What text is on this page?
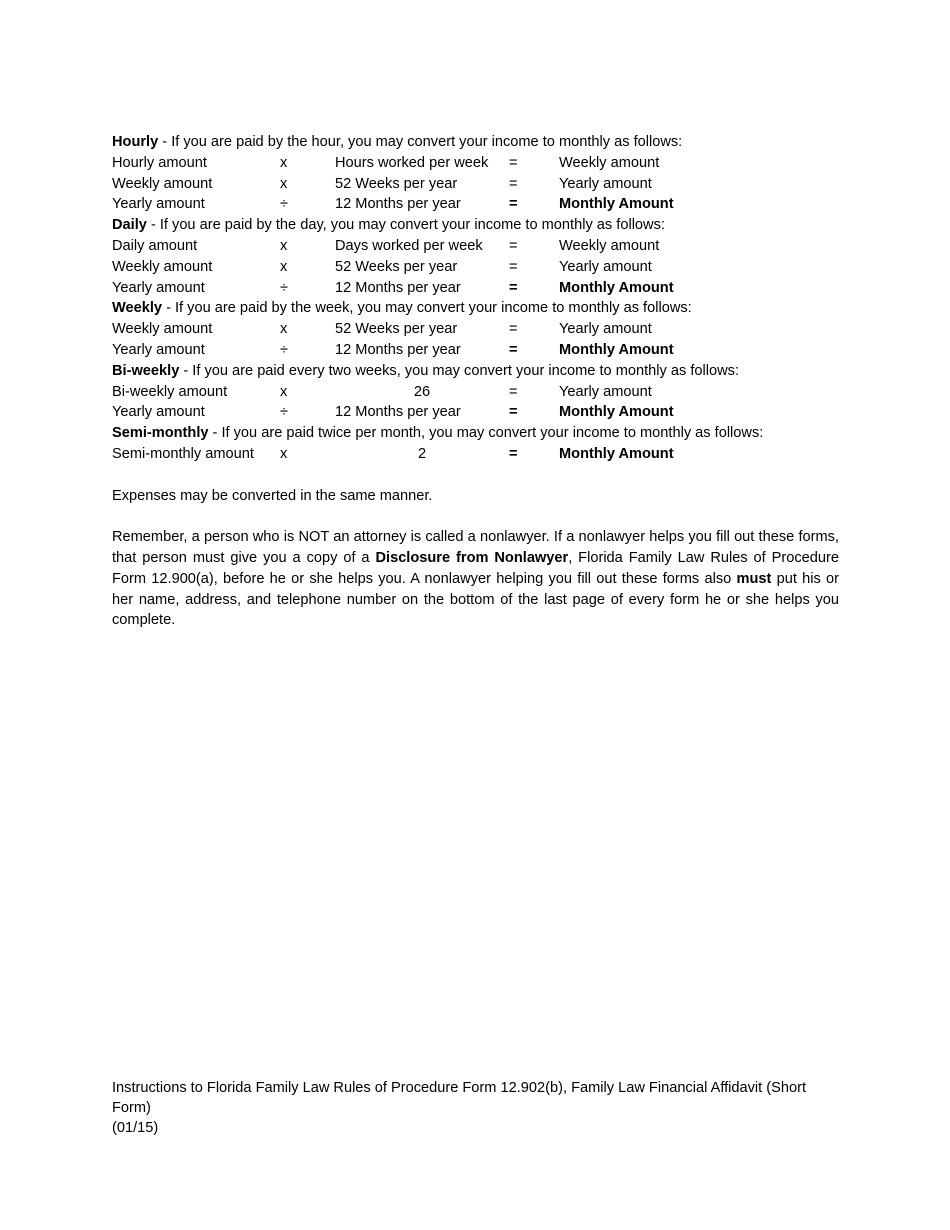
Hourly - If you are paid by the hour, you may convert your income to monthly as follows:
Hourly amount	x	Hours worked per week =	Weekly amount
Weekly amount	x	52 Weeks per year	=	Yearly amount
Yearly amount	÷	12 Months per year	=	Monthly Amount
Daily - If you are paid by the day, you may convert your income to monthly as follows:
Daily amount	x	Days worked per week =	Weekly amount
Weekly amount	x	52 Weeks per year	=	Yearly amount
Yearly amount	÷	12 Months per year	=	Monthly Amount
Weekly - If you are paid by the week, you may convert your income to monthly as follows:
Weekly amount	x	52 Weeks per year	=	Yearly amount
Yearly amount	÷	12 Months per year	=	Monthly Amount
Bi-weekly - If you are paid every two weeks, you may convert your income to monthly as follows:
Bi-weekly amount	x	26	=	Yearly amount
Yearly amount	÷	12 Months per year	=	Monthly Amount
Semi-monthly - If you are paid twice per month, you may convert your income to monthly as follows:
Semi-monthly amount x	2	=	Monthly Amount
Expenses may be converted in the same manner.
Remember, a person who is NOT an attorney is called a nonlawyer. If a nonlawyer helps you fill out these forms, that person must give you a copy of a Disclosure from Nonlawyer, Florida Family Law Rules of Procedure Form 12.900(a), before he or she helps you. A nonlawyer helping you fill out these forms also must put his or her name, address, and telephone number on the bottom of the last page of every form he or she helps you complete.
Instructions to Florida Family Law Rules of Procedure Form 12.902(b), Family Law Financial Affidavit (Short Form)
(01/15)
